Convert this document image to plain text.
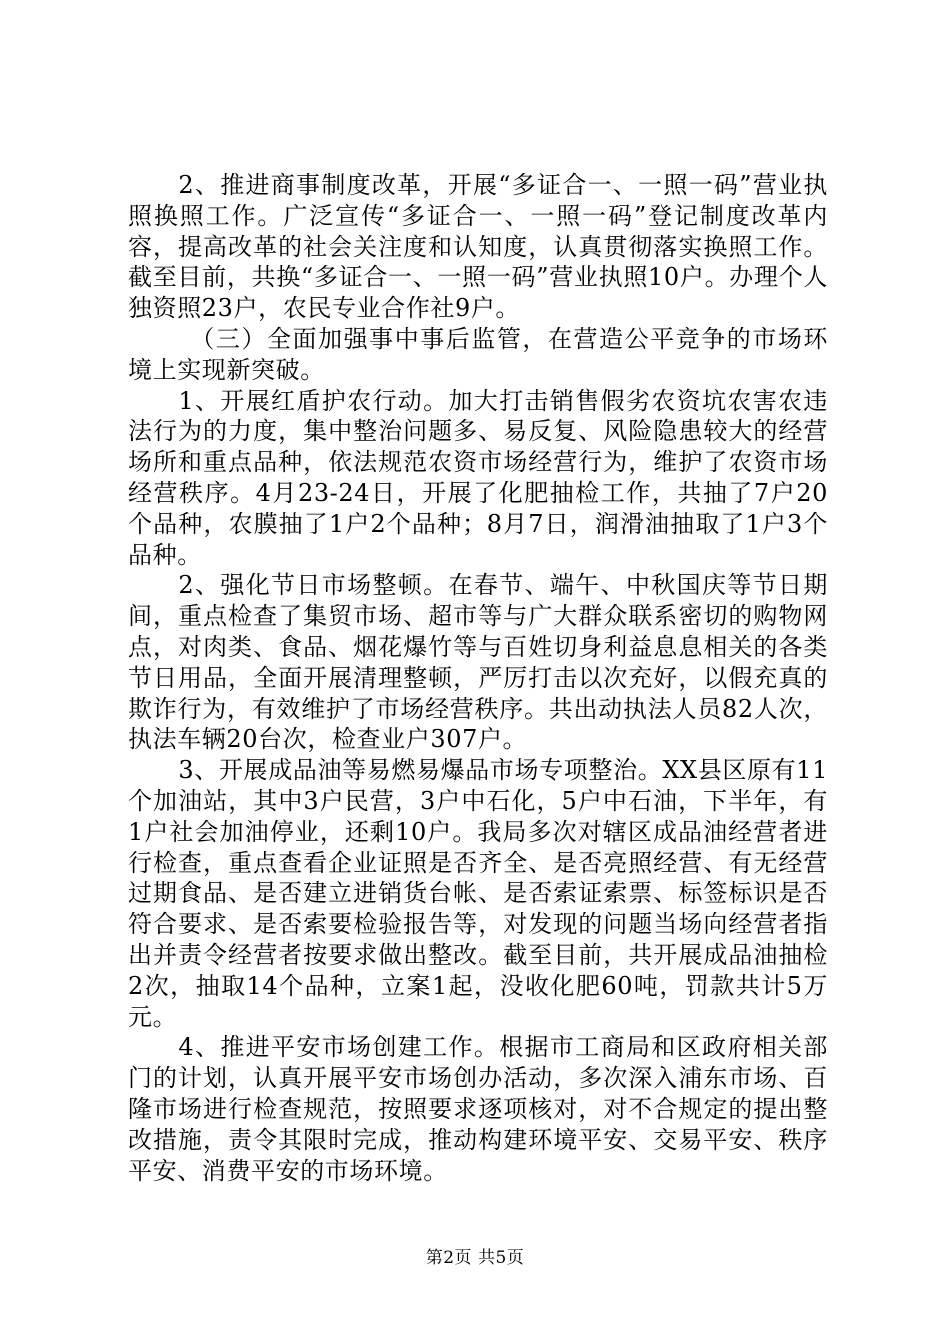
2、推进商事制度改革，开展“多证合一、一照一码”营业执照换照工作。广泛宣传“多证合一、一照一码”登记制度改革内容，提高改革的社会关注度和认知度，认真贯彻落实换照工作。截至目前，共换“多证合一、一照一码”营业执照10户。办理个人独资照23户，农民专业合作社9户。

（三）全面加强事中事后监管，在营造公平竞争的市场环境上实现新突破。

1、开展红盾护农行动。加大打击销售假劣农资坑农害农违法行为的力度，集中整治问题多、易反复、风险隐患较大的经营场所和重点品种，依法规范农资市场经营行为，维护了农资市场经营秩序。4月23-24日，开展了化肥抽检工作，共抽了7户20个品种，农膜抽了1户2个品种；8月7日，润滑油抽取了1户3个品种。

2、强化节日市场整顿。在春节、端午、中秋国庆等节日期间，重点检查了集贸市场、超市等与广大群众联系密切的购物网点，对肉类、食品、烟花爆竹等与百姓切身利益息息相关的各类节日用品，全面开展清理整顿，严厉打击以次充好，以假充真的欺诈行为，有效维护了市场经营秩序。共出动执法人员82人次，执法车辆20台次，检查业户307户。

3、开展成品油等易燃易爆品市场专项整治。XX县区原有11个加油站，其中3户民营，3户中石化，5户中石油，下半年，有1户社会加油停业，还剩10户。我局多次对辖区成品油经营者进行检查，重点查看企业证照是否齐全、是否亮照经营、有无经营过期食品、是否建立进销货台帐、是否索证索票、标签标识是否符合要求、是否索要检验报告等，对发现的问题当场向经营者指出并责令经营者按要求做出整改。截至目前，共开展成品油抽检2次，抽取14个品种，立案1起，没收化肥60吨，罚款共计5万元。

4、推进平安市场创建工作。根据市工商局和区政府相关部门的计划，认真开展平安市场创办活动，多次深入浦东市场、百隆市场进行检查规范，按照要求逐项核对，对不合规定的提出整改措施，责令其限时完成，推动构建环境平安、交易平安、秩序平安、消费平安的市场环境。

第2页 共5页
